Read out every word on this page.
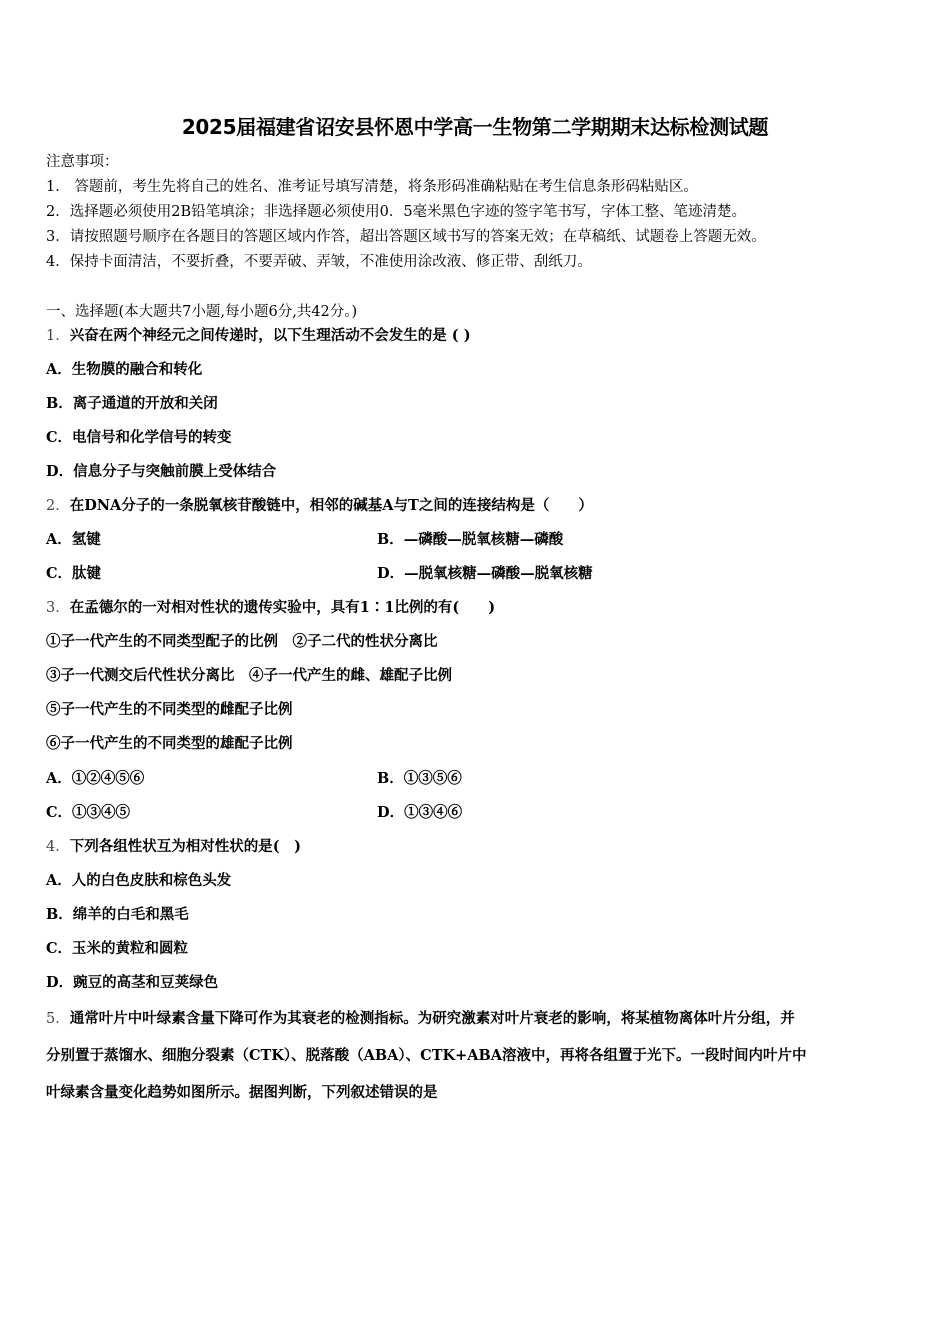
2025届福建省诏安县怀恩中学高一生物第二学期期末达标检测试题
注意事项：
1． 答题前，考生先将自己的姓名、准考证号填写清楚，将条形码准确粘贴在考生信息条形码粘贴区。
2．选择题必须使用2B铅笔填涂；非选择题必须使用0．5毫米黑色字迹的签字笔书写，字体工整、笔迹清楚。
3．请按照题号顺序在各题目的答题区域内作答，超出答题区域书写的答案无效；在草稿纸、试题卷上答题无效。
4．保持卡面清洁，不要折叠，不要弄破、弄皱，不准使用涂改液、修正带、刮纸刀。
一、选择题(本大题共7小题,每小题6分,共42分。)
1．兴奋在两个神经元之间传递时，以下生理活动不会发生的是 ( )
A．生物膜的融合和转化
B．离子通道的开放和关闭
C．电信号和化学信号的转变
D．信息分子与突触前膜上受体结合
2．在DNA分子的一条脱氧核苷酸链中，相邻的碱基A与T之间的连接结构是（　　）
A．氢键	B．—磷酸—脱氧核糖—磷酸
C．肽键	D．—脱氧核糖—磷酸—脱氧核糖
3．在孟德尔的一对相对性状的遗传实验中，具有1∶1比例的有(　　)
①子一代产生的不同类型配子的比例　②子二代的性状分离比
③子一代测交后代性状分离比　④子一代产生的雌、雄配子比例
⑤子一代产生的不同类型的雌配子比例
⑥子一代产生的不同类型的雄配子比例
A．①②④⑤⑥	B．①③⑤⑥
C．①③④⑤	D．①③④⑥
4．下列各组性状互为相对性状的是(　)
A．人的白色皮肤和棕色头发
B．绵羊的白毛和黑毛
C．玉米的黄粒和圆粒
D．豌豆的高茎和豆荚绿色
5．通常叶片中叶绿素含量下降可作为其衰老的检测指标。为研究激素对叶片衰老的影响，将某植物离体叶片分组，并
分别置于蒸馏水、细胞分裂素（CTK）、脱落酸（ABA）、CTK+ABA溶液中，再将各组置于光下。一段时间内叶片中
叶绿素含量变化趋势如图所示。据图判断，下列叙述错误的是
